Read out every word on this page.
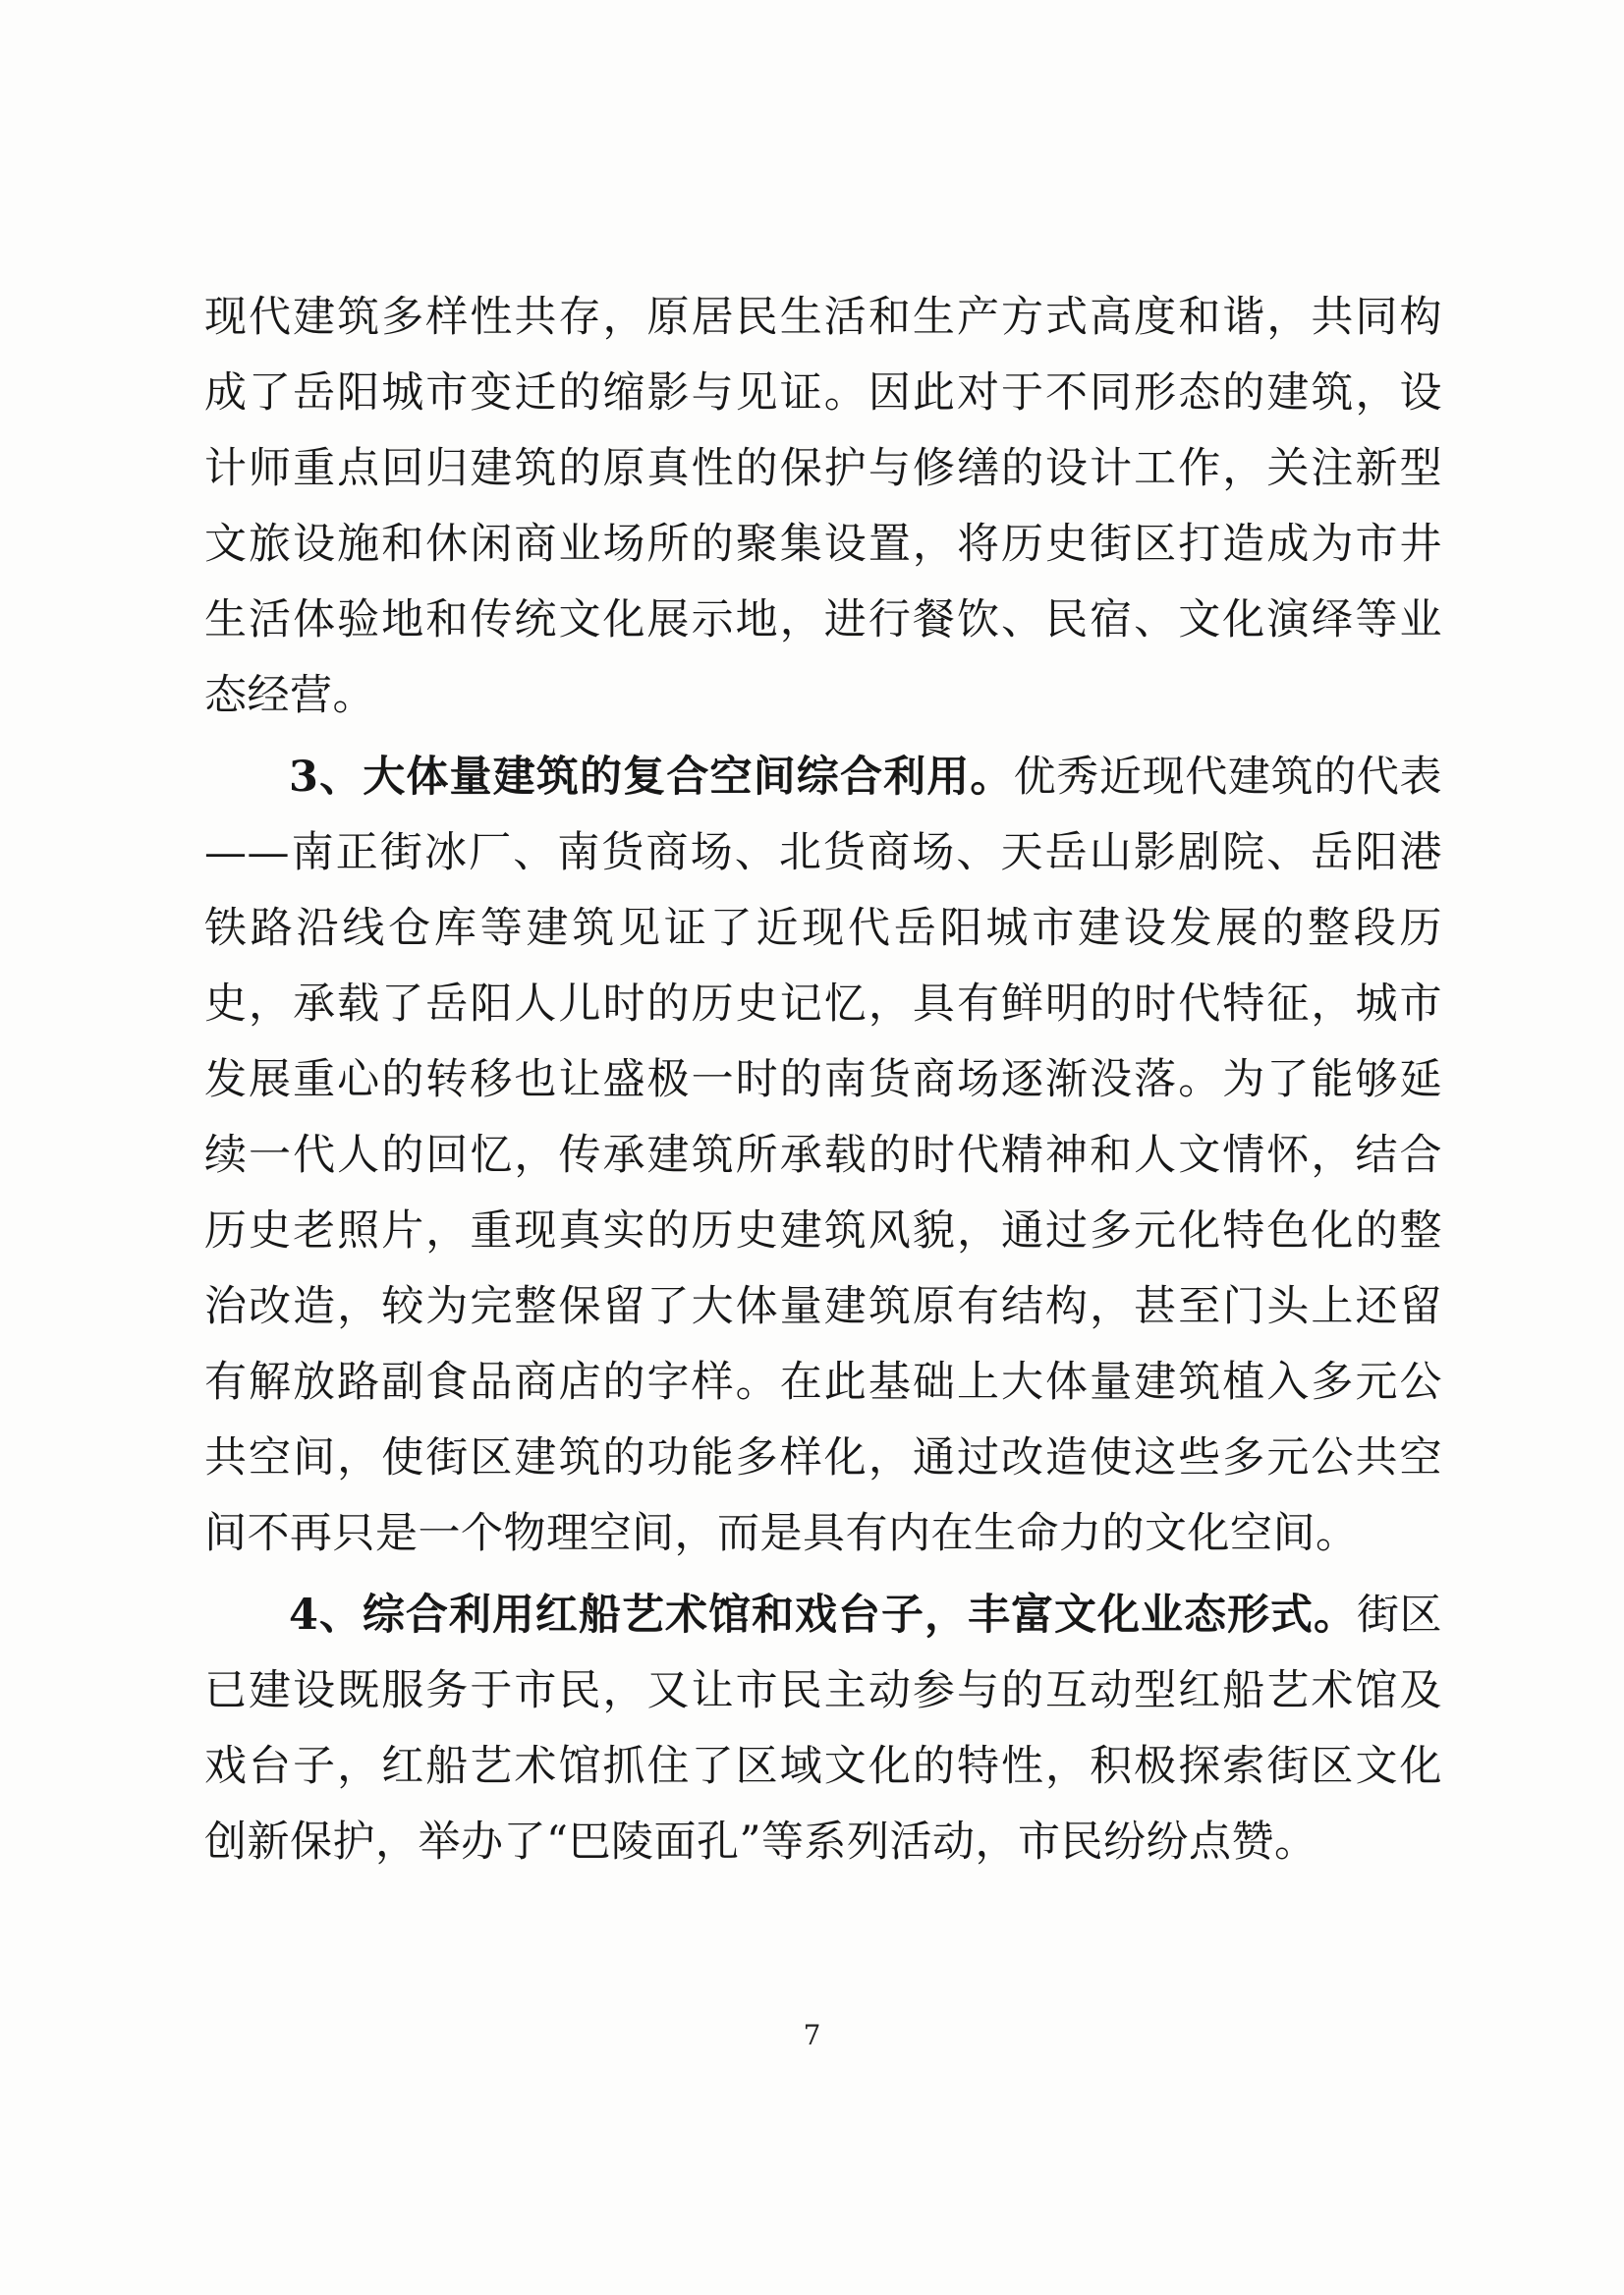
现代建筑多样性共存，原居民生活和生产方式高度和谐，共同构成了岳阳城市变迁的缩影与见证。因此对于不同形态的建筑，设计师重点回归建筑的原真性的保护与修缮的设计工作，关注新型文旅设施和休闲商业场所的聚集设置，将历史街区打造成为市井生活体验地和传统文化展示地，进行餐饮、民宿、文化演绎等业态经营。

3、大体量建筑的复合空间综合利用。优秀近现代建筑的代表——南正街冰厂、南货商场、北货商场、天岳山影剧院、岳阳港铁路沿线仓库等建筑见证了近现代岳阳城市建设发展的整段历史，承载了岳阳人儿时的历史记忆，具有鲜明的时代特征，城市发展重心的转移也让盛极一时的南货商场逐渐没落。为了能够延续一代人的回忆，传承建筑所承载的时代精神和人文情怀，结合历史老照片，重现真实的历史建筑风貌，通过多元化特色化的整治改造，较为完整保留了大体量建筑原有结构，甚至门头上还留有解放路副食品商店的字样。在此基础上大体量建筑植入多元公共空间，使街区建筑的功能多样化，通过改造使这些多元公共空间不再只是一个物理空间，而是具有内在生命力的文化空间。

4、综合利用红船艺术馆和戏台子，丰富文化业态形式。街区已建设既服务于市民，又让市民主动参与的互动型红船艺术馆及戏台子，红船艺术馆抓住了区域文化的特性，积极探索街区文化创新保护，举办了“巴陵面孔”等系列活动，市民纷纷点赞。

7
